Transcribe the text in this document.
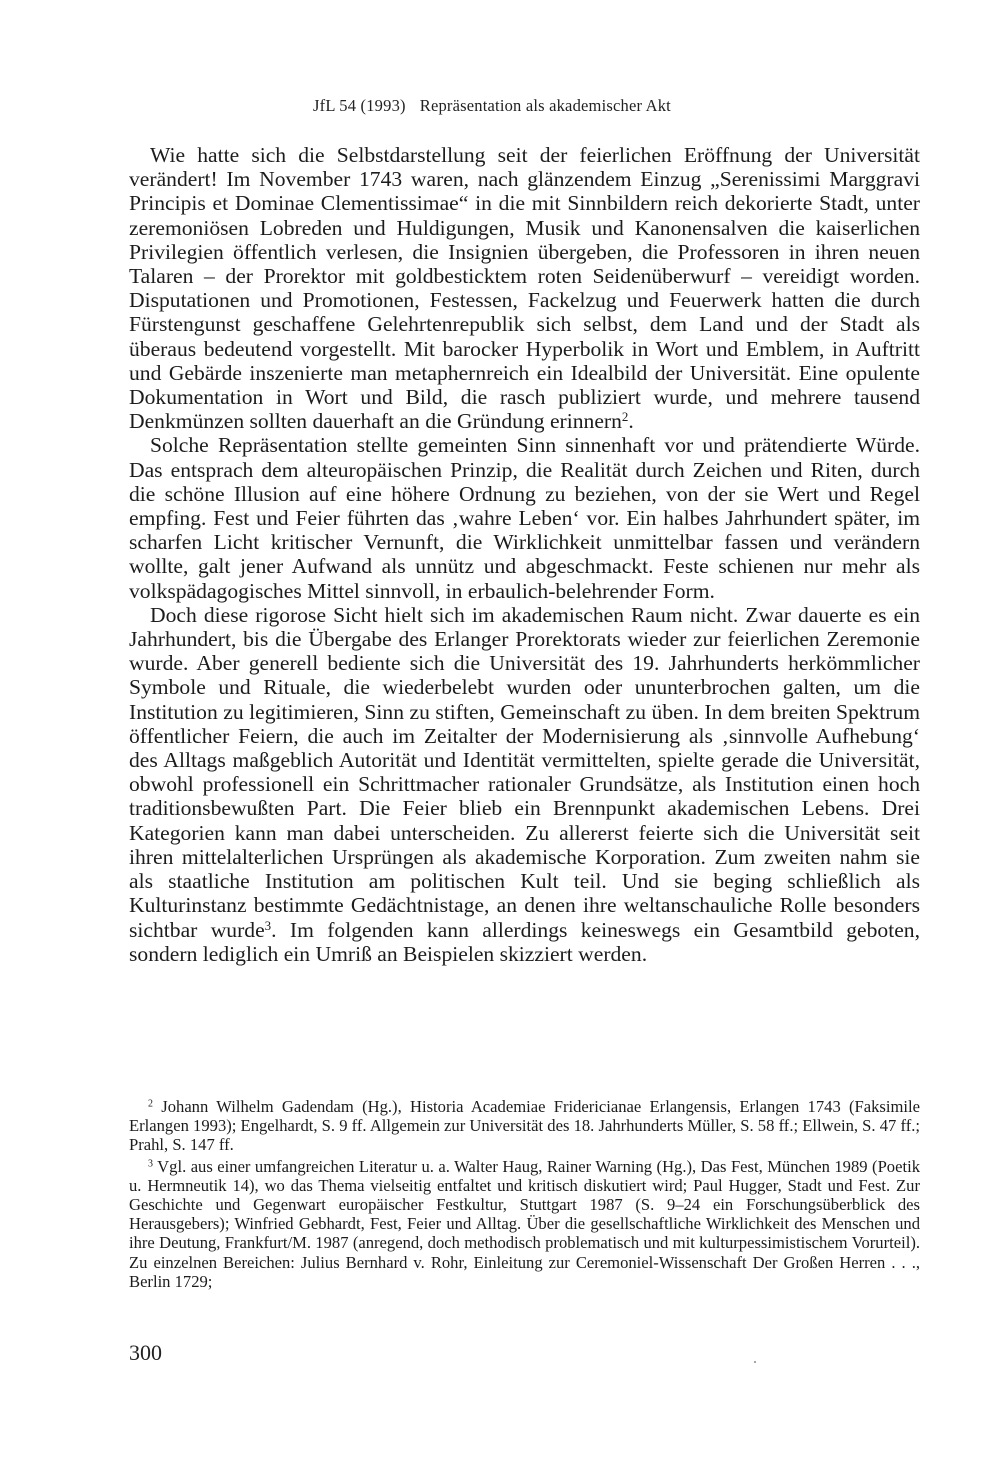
JfL 54 (1993) Repräsentation als akademischer Akt

Wie hatte sich die Selbstdarstellung seit der feierlichen Eröffnung der Universität verändert! Im November 1743 waren, nach glänzendem Einzug „Serenissimi Marggravi Principis et Dominae Clementissimae“ in die mit Sinnbildern reich dekorierte Stadt, unter zeremoniösen Lobreden und Huldigungen, Musik und Kanonensalven die kaiserlichen Privilegien öffentlich verlesen, die Insignien übergeben, die Professoren in ihren neuen Talaren – der Prorektor mit goldbesticktem roten Seidenüberwurf – vereidigt worden. Disputationen und Promotionen, Festessen, Fackelzug und Feuerwerk hatten die durch Fürstengunst geschaffene Gelehrtenrepublik sich selbst, dem Land und der Stadt als überaus bedeutend vorgestellt. Mit barocker Hyperbolik in Wort und Emblem, in Auftritt und Gebärde inszenierte man metaphernreich ein Idealbild der Universität. Eine opulente Dokumentation in Wort und Bild, die rasch publiziert wurde, und mehrere tausend Denkmünzen sollten dauerhaft an die Gründung erinnern$^2$.

Solche Repräsentation stellte gemeinten Sinn sinnenhaft vor und prätendierte Würde. Das entsprach dem alteuropäischen Prinzip, die Realität durch Zeichen und Riten, durch die schöne Illusion auf eine höhere Ordnung zu beziehen, von der sie Wert und Regel empfing. Fest und Feier führten das ‚wahre Leben‘ vor. Ein halbes Jahrhundert später, im scharfen Licht kritischer Vernunft, die Wirklichkeit unmittelbar fassen und verändern wollte, galt jener Aufwand als unnütz und abgeschmackt. Feste schienen nur mehr als volkspädagogisches Mittel sinnvoll, in erbaulich-belehrender Form.

Doch diese rigorose Sicht hielt sich im akademischen Raum nicht. Zwar dauerte es ein Jahrhundert, bis die Übergabe des Erlanger Prorektorats wieder zur feierlichen Zeremonie wurde. Aber generell bediente sich die Universität des 19. Jahrhunderts herkömmlicher Symbole und Rituale, die wiederbelebt wurden oder ununterbrochen galten, um die Institution zu legitimieren, Sinn zu stiften, Gemeinschaft zu üben. In dem breiten Spektrum öffentlicher Feiern, die auch im Zeitalter der Modernisierung als ‚sinnvolle Aufhebung‘ des Alltags maßgeblich Autorität und Identität vermittelten, spielte gerade die Universität, obwohl professionell ein Schrittmacher rationaler Grundsätze, als Institution einen hoch traditionsbewußten Part. Die Feier blieb ein Brennpunkt akademischen Lebens. Drei Kategorien kann man dabei unterscheiden. Zu allererst feierte sich die Universität seit ihren mittelalterlichen Ursprüngen als akademische Korporation. Zum zweiten nahm sie als staatliche Institution am politischen Kult teil. Und sie beging schließlich als Kulturinstanz bestimmte Gedächtnistage, an denen ihre weltanschauliche Rolle besonders sichtbar wurde$^3$. Im folgenden kann allerdings keineswegs ein Gesamtbild geboten, sondern lediglich ein Umriß an Beispielen skizziert werden.

$^2$ Johann Wilhelm Gadendam (Hg.), Historia Academiae Fridericianae Erlangensis, Erlangen 1743 (Faksimile Erlangen 1993); Engelhardt, S. 9 ff. Allgemein zur Universität des 18. Jahrhunderts Müller, S. 58 ff.; Ellwein, S. 47 ff.; Prahl, S. 147 ff.

$^3$ Vgl. aus einer umfangreichen Literatur u. a. Walter Haug, Rainer Warning (Hg.), Das Fest, München 1989 (Poetik u. Hermneutik 14), wo das Thema vielseitig entfaltet und kritisch diskutiert wird; Paul Hugger, Stadt und Fest. Zur Geschichte und Gegenwart europäischer Festkultur, Stuttgart 1987 (S. 9–24 ein Forschungsüberblick des Herausgebers); Winfried Gebhardt, Fest, Feier und Alltag. Über die gesellschaftliche Wirklichkeit des Menschen und ihre Deutung, Frankfurt/M. 1987 (anregend, doch methodisch problematisch und mit kulturpessimistischem Vorurteil). Zu einzelnen Bereichen: Julius Bernhard v. Rohr, Einleitung zur Ceremoniel-Wissenschaft Der Großen Herren . . ., Berlin 1729;

300
